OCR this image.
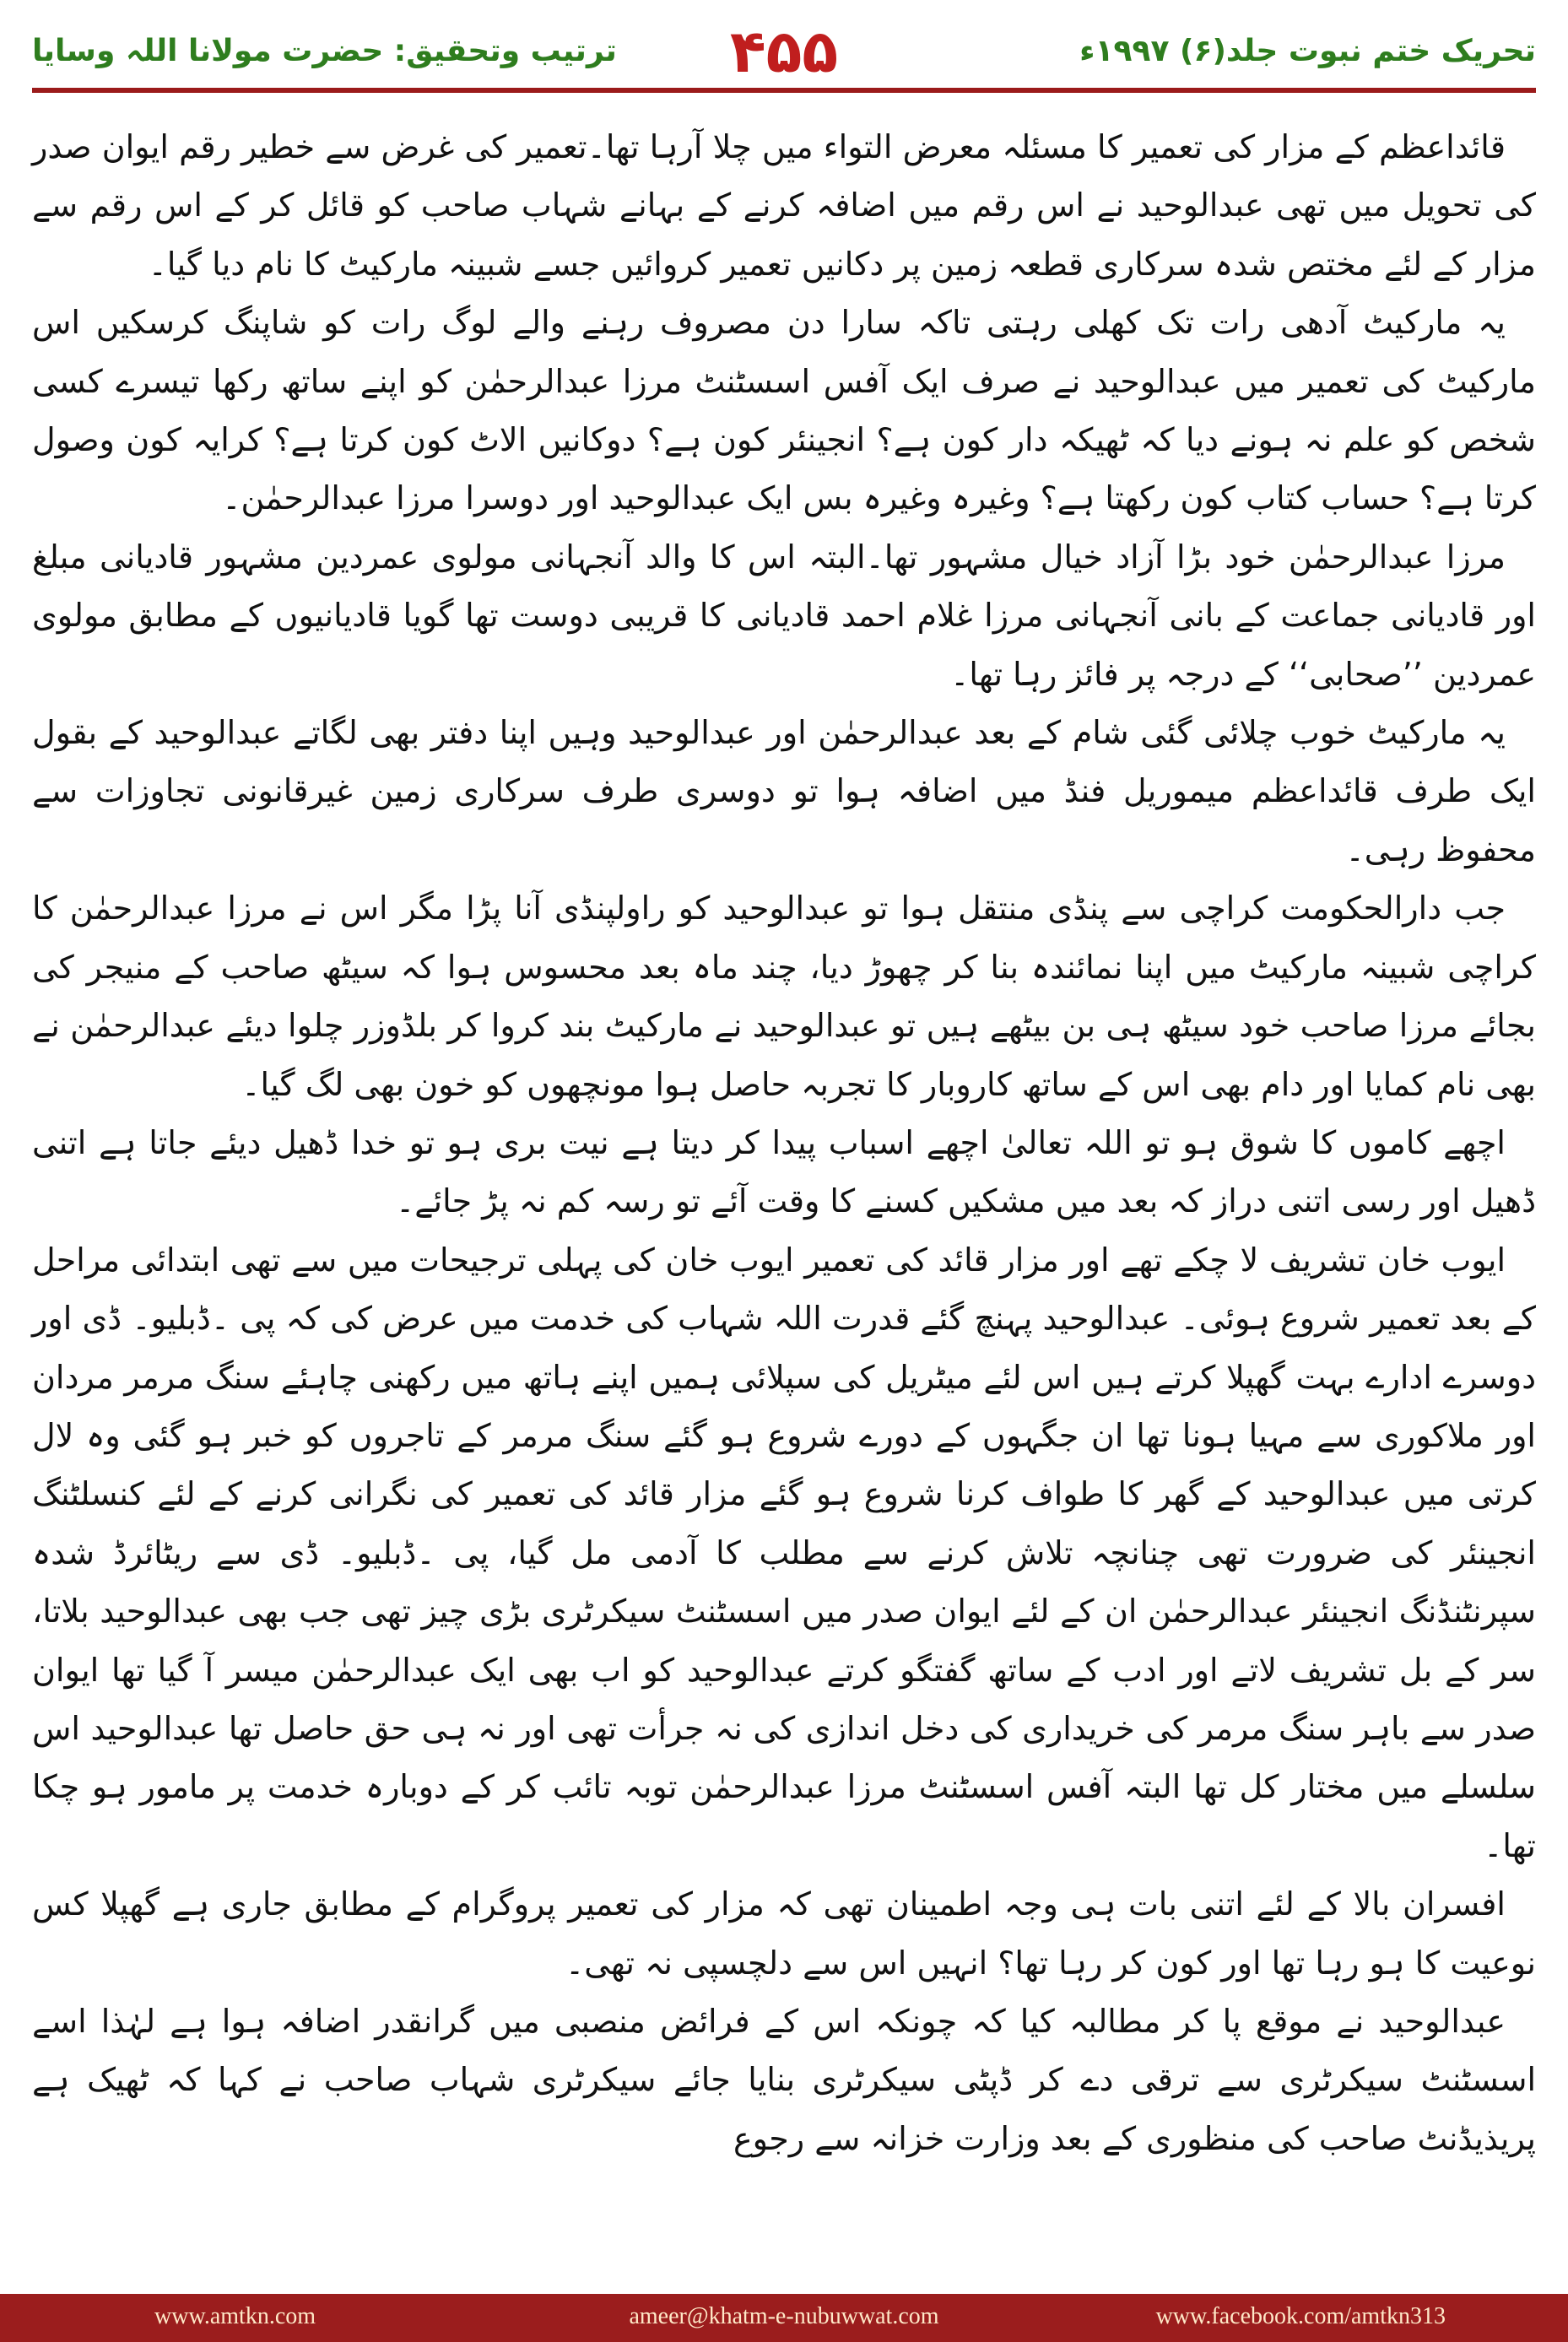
ترتیب وتحقیق: حضرت مولانا اللہ وسایا	۴۵۵	تحریک ختم نبوت جلد(۶) ۱۹۹۷ء

قائداعظم کے مزار کی تعمیر کا مسئلہ معرض التواء میں چلا آرہا تھا۔تعمیر کی غرض سے خطیر رقم ایوان صدر کی تحویل میں تھی عبدالوحید نے اس رقم میں اضافہ کرنے کے بہانے شہاب صاحب کو قائل کر کے اس رقم سے مزار کے لئے مختص شدہ سرکاری قطعہ زمین پر دکانیں تعمیر کروائیں جسے شبینہ مارکیٹ کا نام دیا گیا۔

یہ مارکیٹ آدھی رات تک کھلی رہتی تاکہ سارا دن مصروف رہنے والے لوگ رات کو شاپنگ کرسکیں اس مارکیٹ کی تعمیر میں عبدالوحید نے صرف ایک آفس اسسٹنٹ مرزا عبدالرحمٰن کو اپنے ساتھ رکھا تیسرے کسی شخص کو علم نہ ہونے دیا کہ ٹھیکہ دار کون ہے؟ انجینئر کون ہے؟ دوکانیں الاٹ کون کرتا ہے؟ کرایہ کون وصول کرتا ہے؟ حساب کتاب کون رکھتا ہے؟ وغیرہ وغیرہ بس ایک عبدالوحید اور دوسرا مرزا عبدالرحمٰن۔

مرزا عبدالرحمٰن خود بڑا آزاد خیال مشہور تھا۔البتہ اس کا والد آنجہانی مولوی عمردین مشہور قادیانی مبلغ اور قادیانی جماعت کے بانی آنجہانی مرزا غلام احمد قادیانی کا قریبی دوست تھا گویا قادیانیوں کے مطابق مولوی عمردین ’’صحابی‘‘ کے درجہ پر فائز رہا تھا۔

یہ مارکیٹ خوب چلائی گئی شام کے بعد عبدالرحمٰن اور عبدالوحید وہیں اپنا دفتر بھی لگاتے عبدالوحید کے بقول ایک طرف قائداعظم میموریل فنڈ میں اضافہ ہوا تو دوسری طرف سرکاری زمین غیرقانونی تجاوزات سے محفوظ رہی۔

جب دارالحکومت کراچی سے پنڈی منتقل ہوا تو عبدالوحید کو راولپنڈی آنا پڑا مگر اس نے مرزا عبدالرحمٰن کا کراچی شبینہ مارکیٹ میں اپنا نمائندہ بنا کر چھوڑ دیا، چند ماہ بعد محسوس ہوا کہ سیٹھ صاحب کے منیجر کی بجائے مرزا صاحب خود سیٹھ ہی بن بیٹھے ہیں تو عبدالوحید نے مارکیٹ بند کروا کر بلڈوزر چلوا دیئے عبدالرحمٰن نے بھی نام کمایا اور دام بھی اس کے ساتھ کاروبار کا تجربہ حاصل ہوا مونچھوں کو خون بھی لگ گیا۔

اچھے کاموں کا شوق ہو تو اللہ تعالیٰ اچھے اسباب پیدا کر دیتا ہے نیت بری ہو تو خدا ڈھیل دیئے جاتا ہے اتنی ڈھیل اور رسی اتنی دراز کہ بعد میں مشکیں کسنے کا وقت آئے تو رسہ کم نہ پڑ جائے۔

ایوب خان تشریف لا چکے تھے اور مزار قائد کی تعمیر ایوب خان کی پہلی ترجیحات میں سے تھی ابتدائی مراحل کے بعد تعمیر شروع ہوئی۔ عبدالوحید پہنچ گئے قدرت اللہ شہاب کی خدمت میں عرض کی کہ پی ۔ڈبلیو۔ ڈی اور دوسرے ادارے بہت گھپلا کرتے ہیں اس لئے میٹریل کی سپلائی ہمیں اپنے ہاتھ میں رکھنی چاہئے سنگ مرمر مردان اور ملاکوری سے مہیا ہونا تھا ان جگہوں کے دورے شروع ہو گئے سنگ مرمر کے تاجروں کو خبر ہو گئی وہ لال کرتی میں عبدالوحید کے گھر کا طواف کرنا شروع ہو گئے مزار قائد کی تعمیر کی نگرانی کرنے کے لئے کنسلٹنگ انجینئر کی ضرورت تھی چنانچہ تلاش کرنے سے مطلب کا آدمی مل گیا، پی ۔ڈبلیو۔ ڈی سے ریٹائرڈ شدہ سپرنٹنڈنگ انجینئر عبدالرحمٰن ان کے لئے ایوان صدر میں اسسٹنٹ سیکرٹری بڑی چیز تھی جب بھی عبدالوحید بلاتا، سر کے بل تشریف لاتے اور ادب کے ساتھ گفتگو کرتے عبدالوحید کو اب بھی ایک عبدالرحمٰن میسر آ گیا تھا ایوان صدر سے باہر سنگ مرمر کی خریداری کی دخل اندازی کی نہ جرأت تھی اور نہ ہی حق حاصل تھا عبدالوحید اس سلسلے میں مختار کل تھا البتہ آفس اسسٹنٹ مرزا عبدالرحمٰن توبہ تائب کر کے دوبارہ خدمت پر مامور ہو چکا تھا۔

افسران بالا کے لئے اتنی بات ہی وجہ اطمینان تھی کہ مزار کی تعمیر پروگرام کے مطابق جاری ہے گھپلا کس نوعیت کا ہو رہا تھا اور کون کر رہا تھا؟ انہیں اس سے دلچسپی نہ تھی۔

عبدالوحید نے موقع پا کر مطالبہ کیا کہ چونکہ اس کے فرائض منصبی میں گرانقدر اضافہ ہوا ہے لہٰذا اسے اسسٹنٹ سیکرٹری سے ترقی دے کر ڈپٹی سیکرٹری بنایا جائے سیکرٹری شہاب صاحب نے کہا کہ ٹھیک ہے پریذیڈنٹ صاحب کی منظوری کے بعد وزارت خزانہ سے رجوع

www.amtkn.com	ameer@khatm-e-nubuwwat.com	www.facebook.com/amtkn313
